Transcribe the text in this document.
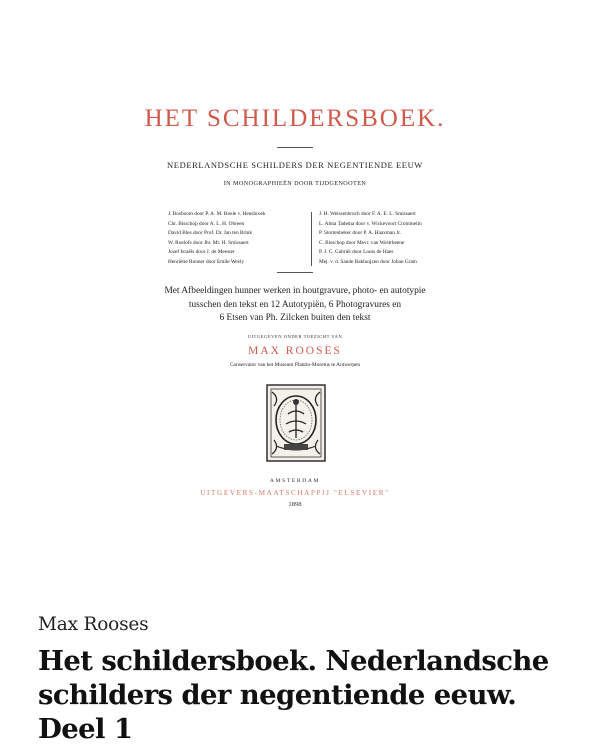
HET SCHILDERSBOEK.
NEDERLANDSCHE SCHILDERS DER NEGENTIENDE EEUW
IN MONOGRAPHIEËN DOOR TIJDGENOOTEN
J. Bosboom door P. A. M. Boele v. Hensbroek
Chr. Bisschop door A. L. H. Obreen
David Bles door Prof. Dr. Jan ten Brink
W. Roelofs door Jhr. Mr. H. Smissaert
Jozef Israëls door J. de Meester
Henriëtte Ronner door Emile Wesly
J. H. Weissenbruch door F. A. E. L. Smissaert
L. Alma Tadema door v. Wickevoort Crommelin
P. Stortenbeker door P. A. Haaxman Jr.
C. Bisschop door Mevr. van Westrheene
P. J. C. Gabriël door Louis de Haes
Mej. v. d. Sande Bakhuijzen door Johan Gram
Met Afbeeldingen hunner werken in houtgravure, photo- en autotypie
tusschen den tekst en 12 Autotypiën, 6 Photogravures en
6 Etsen van Ph. Zilcken buiten den tekst
UITGEGEVEN ONDER TOEZICHT VAN
MAX ROOSES
Conservator van het Museum Plantin-Moretus te Antwerpen
AMSTERDAM
UITGEVERS-MAATSCHAPPIJ "ELSEVIER"
1898
Max Rooses
Het schildersboek. Nederlandsche
schilders der negentiende eeuw.
Deel 1
